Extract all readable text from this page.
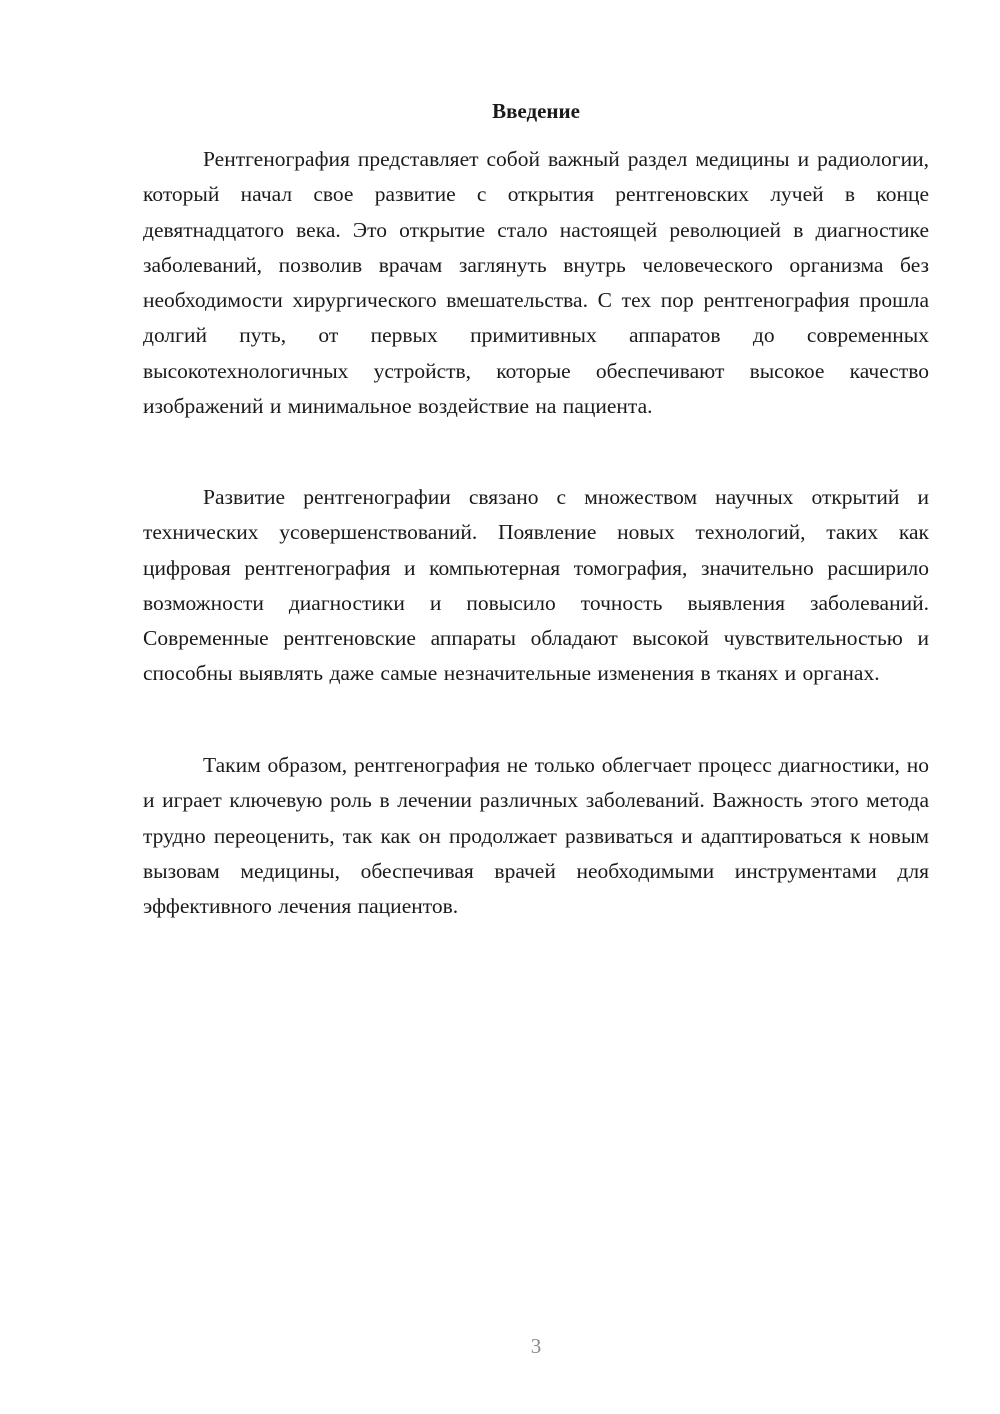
Введение

Рентгенография представляет собой важный раздел медицины и радиологии, который начал свое развитие с открытия рентгеновских лучей в конце девятнадцатого века. Это открытие стало настоящей революцией в диагностике заболеваний, позволив врачам заглянуть внутрь человеческого организма без необходимости хирургического вмешательства. С тех пор рентгенография прошла долгий путь, от первых примитивных аппаратов до современных высокотехнологичных устройств, которые обеспечивают высокое качество изображений и минимальное воздействие на пациента.

Развитие рентгенографии связано с множеством научных открытий и технических усовершенствований. Появление новых технологий, таких как цифровая рентгенография и компьютерная томография, значительно расширило возможности диагностики и повысило точность выявления заболеваний. Современные рентгеновские аппараты обладают высокой чувствительностью и способны выявлять даже самые незначительные изменения в тканях и органах.

Таким образом, рентгенография не только облегчает процесс диагностики, но и играет ключевую роль в лечении различных заболеваний. Важность этого метода трудно переоценить, так как он продолжает развиваться и адаптироваться к новым вызовам медицины, обеспечивая врачей необходимыми инструментами для эффективного лечения пациентов.

3
